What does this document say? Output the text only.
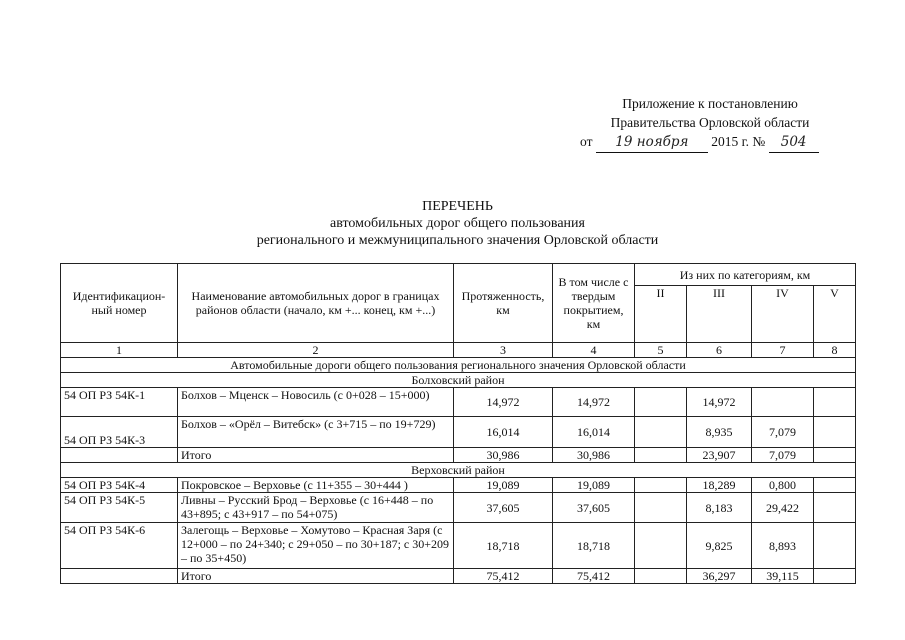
Приложение к постановлению
Правительства Орловской области
от 19 ноября 2015 г. № 504
ПЕРЕЧЕНЬ
автомобильных дорог общего пользования
регионального и межмуниципального значения Орловской области
Идентификацион-ный номер	Наименование автомобильных дорог в границах районов области (начало, км +... конец, км +...)	Протяженность, км	В том числе с твердым покрытием, км	Из них по категориям, км			
				II	III	IV	V
1	2	3	4	5	6	7	8
Автомобильные дороги общего пользования регионального значения Орловской области							
Болховский район							
54 ОП РЗ 54К-1	Болхов – Мценск – Новосиль (с 0+028 – 15+000)	14,972	14,972		14,972		
54 ОП РЗ 54К-3	Болхов – «Орёл – Витебск» (с 3+715 – по 19+729)	16,014	16,014		8,935	7,079	
	Итого	30,986	30,986		23,907	7,079	
Верховский район							
54 ОП РЗ 54К-4	Покровское – Верховье (с 11+355 – 30+444 )	19,089	19,089		18,289	0,800	
54 ОП РЗ 54К-5	Ливны – Русский Брод – Верховье (с 16+448 – по 43+895; с 43+917 – по 54+075)	37,605	37,605		8,183	29,422	
54 ОП РЗ 54К-6	Залегощь – Верховье – Хомутово – Красная Заря (с 12+000 – по 24+340; с 29+050 – по 30+187; с 30+209 – по 35+450)	18,718	18,718		9,825	8,893	
	Итого	75,412	75,412		36,297	39,115	
